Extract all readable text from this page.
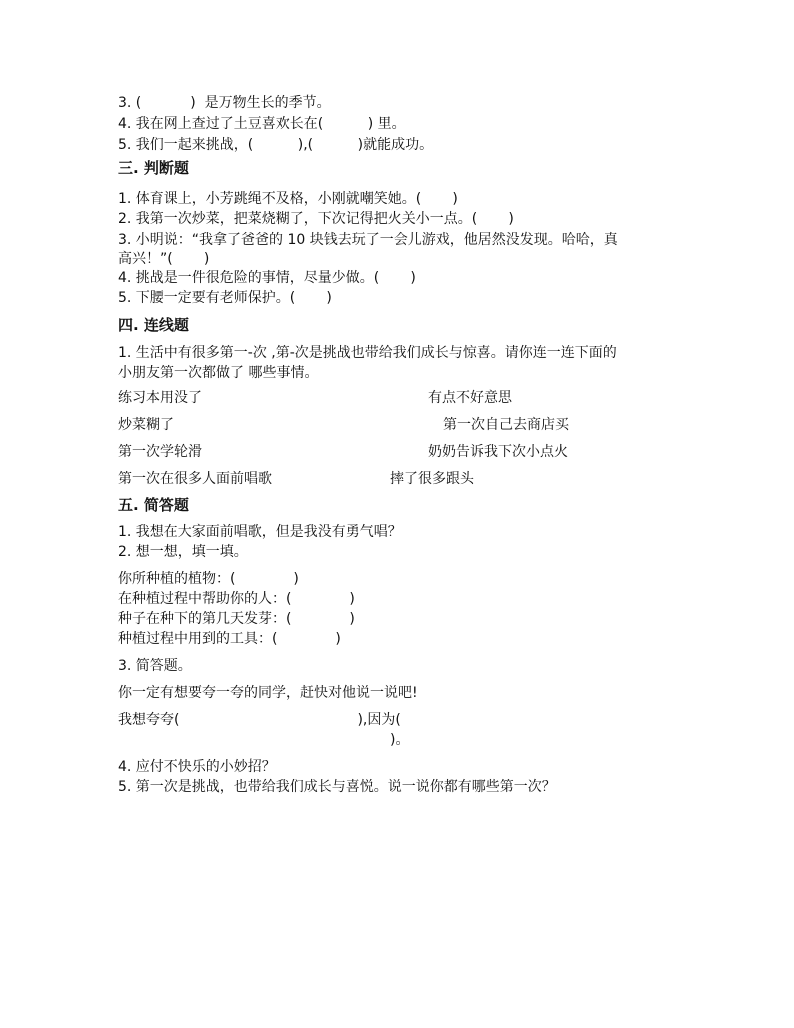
3. (           )  是万物生长的季节。
4. 我在网上查过了土豆喜欢长在(          ) 里。
5. 我们一起来挑战，(          ),(          )就能成功。
三. 判断题
1. 体育课上，小芳跳绳不及格，小刚就嘲笑她。(       )
2. 我第一次炒菜，把菜烧糊了，下次记得把火关小一点。(       )
3. 小明说：“我拿了爸爸的 10 块钱去玩了一会儿游戏，他居然没发现。哈哈，真
高兴！”(       )
4. 挑战是一件很危险的事情，尽量少做。(       )
5. 下腰一定要有老师保护。(       )
四. 连线题
1. 生活中有很多第一-次 ,第-次是挑战也带给我们成长与惊喜。请你连一连下面的
小朋友第一次都做了 哪些事情。
练习本用没了	有点不好意思
炒菜糊了	第一次自己去商店买
第一次学轮滑	奶奶告诉我下次小点火
第一次在很多人面前唱歌	摔了很多跟头
五. 简答题
1. 我想在大家面前唱歌，但是我没有勇气唱？
2. 想一想，填一填。
你所种植的植物：(             )
在种植过程中帮助你的人：(             )
种子在种下的第几天发芽：(             )
种植过程中用到的工具：(             )
3. 简答题。
你一定有想要夸一夸的同学，赶快对他说一说吧!
我想夸夸(                                        ),因为(
)。
4. 应付不快乐的小妙招？
5. 第一次是挑战，也带给我们成长与喜悦。说一说你都有哪些第一次？
